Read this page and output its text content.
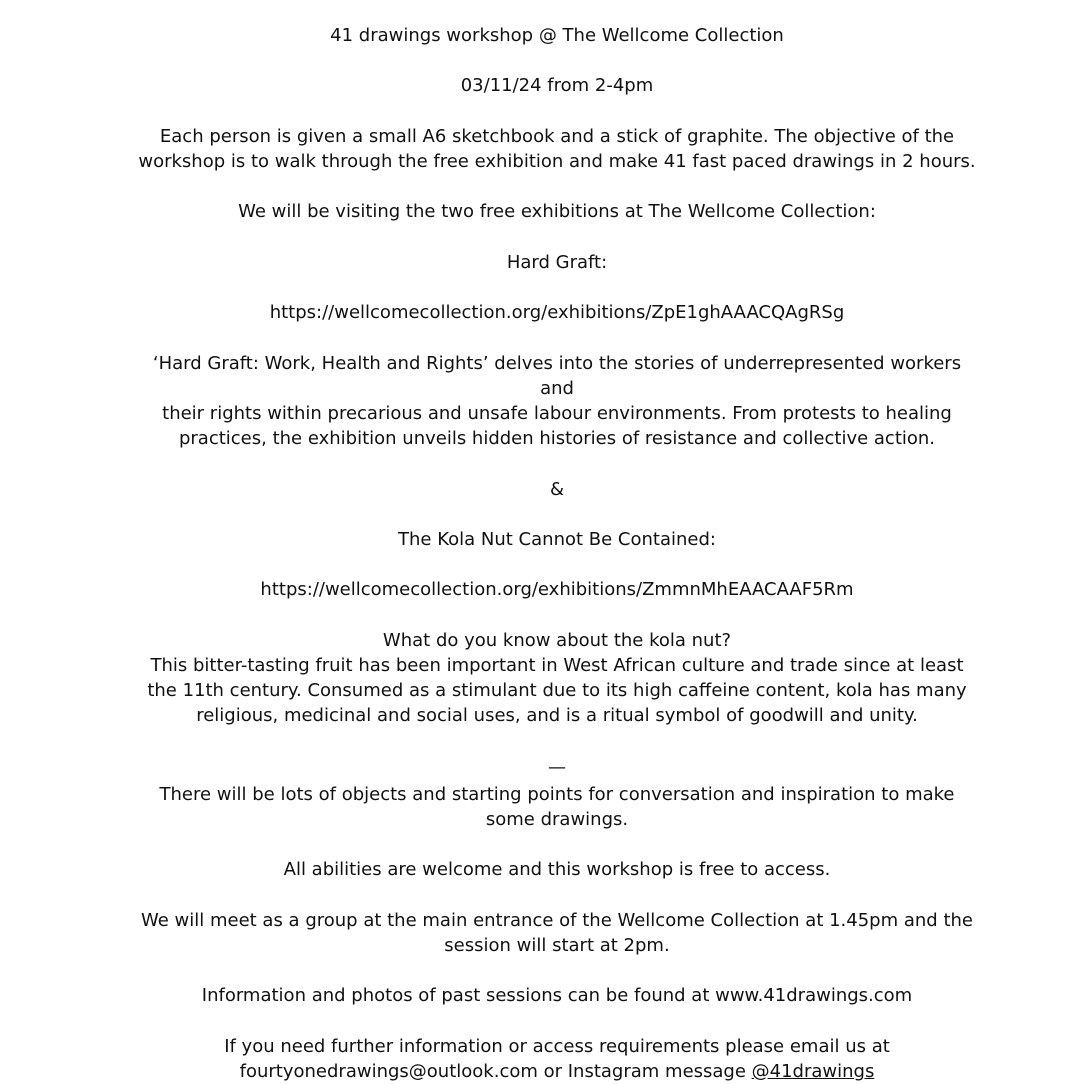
41 drawings workshop @ The Wellcome Collection

03/11/24 from 2-4pm

Each person is given a small A6 sketchbook and a stick of graphite. The objective of the

workshop is to walk through the free exhibition and make 41 fast paced drawings in 2 hours.

We will be visiting the two free exhibitions at The Wellcome Collection:

Hard Graft:

https://wellcomecollection.org/exhibitions/ZpE1ghAAACQAgRSg

‘Hard Graft: Work, Health and Rights’ delves into the stories of underrepresented workers and

their rights within precarious and unsafe labour environments. From protests to healing

practices, the exhibition unveils hidden histories of resistance and collective action.

&

The Kola Nut Cannot Be Contained:

https://wellcomecollection.org/exhibitions/ZmmnMhEAACAAF5Rm

What do you know about the kola nut?

This bitter-tasting fruit has been important in West African culture and trade since at least

the 11th century. Consumed as a stimulant due to its high caffeine content, kola has many

religious, medicinal and social uses, and is a ritual symbol of goodwill and unity.

—

There will be lots of objects and starting points for conversation and inspiration to make

some drawings.

All abilities are welcome and this workshop is free to access.

We will meet as a group at the main entrance of the Wellcome Collection at 1.45pm and the

session will start at 2pm.

Information and photos of past sessions can be found at www.41drawings.com

If you need further information or access requirements please email us at

fourtyonedrawings@outlook.com or Instagram message @41drawings
